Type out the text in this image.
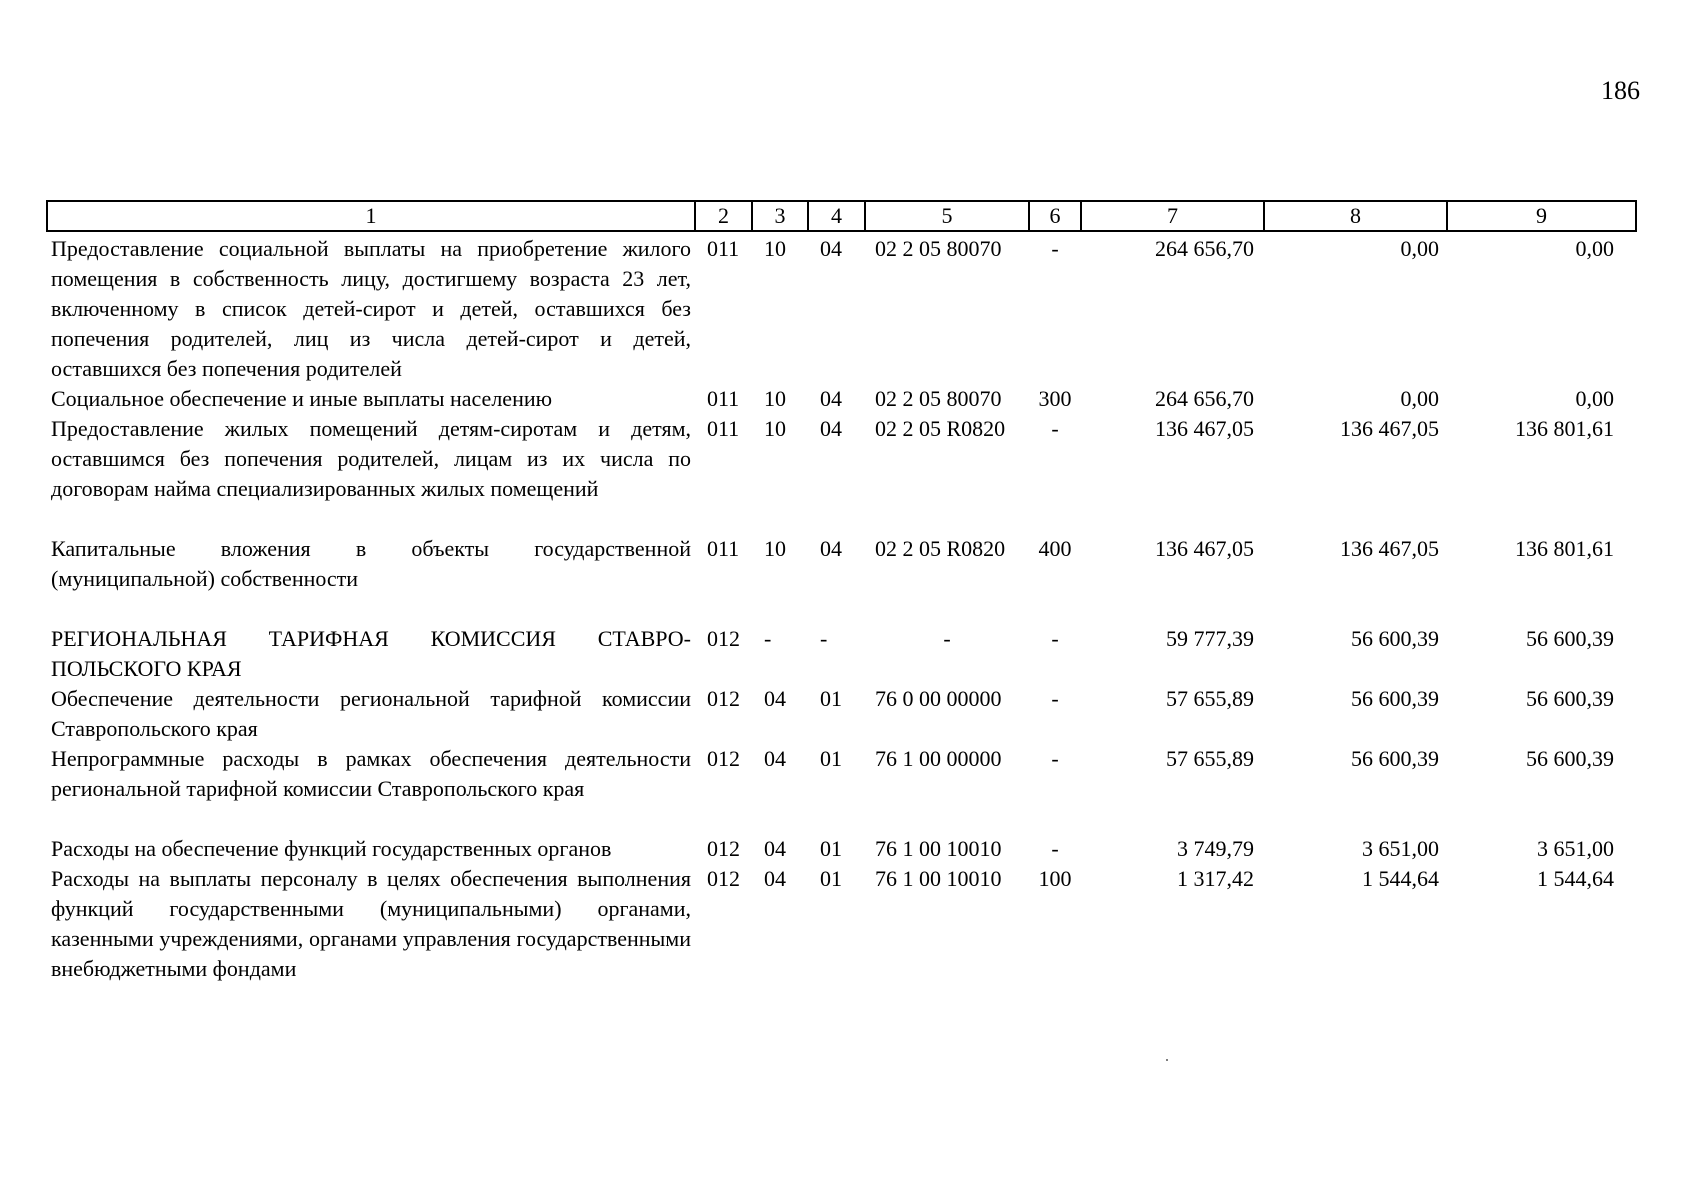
186
1	2	3	4	5	6	7	8	9
Предоставление социальной выплаты на приобретение жилого помещения в собственность лицу, достигшему возраста 23 лет, включенному в список детей-сирот и детей, оставшихся без попечения родителей, лиц из числа детей-сирот и детей, оставшихся без попечения родителей	011	10	04	02 2 05 80070	-	264 656,70	0,00	0,00
Социальное обеспечение и иные выплаты населению	011	10	04	02 2 05 80070	300	264 656,70	0,00	0,00
Предоставление жилых помещений детям-сиротам и детям, оставшимся без попечения родителей, лицам из их числа по договорам найма специализированных жилых помещений	011	10	04	02 2 05 R0820	-	136 467,05	136 467,05	136 801,61
Капитальные вложения в объекты государственной (муниципальной) собственности	011	10	04	02 2 05 R0820	400	136 467,05	136 467,05	136 801,61
РЕГИОНАЛЬНАЯ ТАРИФНАЯ КОМИССИЯ СТАВРО-ПОЛЬСКОГО КРАЯ	012	-	-	-	-	59 777,39	56 600,39	56 600,39
Обеспечение деятельности региональной тарифной комиссии Ставропольского края	012	04	01	76 0 00 00000	-	57 655,89	56 600,39	56 600,39
Непрограммные расходы в рамках обеспечения деятельности региональной тарифной комиссии Ставропольского края	012	04	01	76 1 00 00000	-	57 655,89	56 600,39	56 600,39
Расходы на обеспечение функций государственных органов	012	04	01	76 1 00 10010	-	3 749,79	3 651,00	3 651,00
Расходы на выплаты персоналу в целях обеспечения выполнения функций государственными (муниципальными) органами, казенными учреждениями, органами управления государственными внебюджетными фондами	012	04	01	76 1 00 10010	100	1 317,42	1 544,64	1 544,64
